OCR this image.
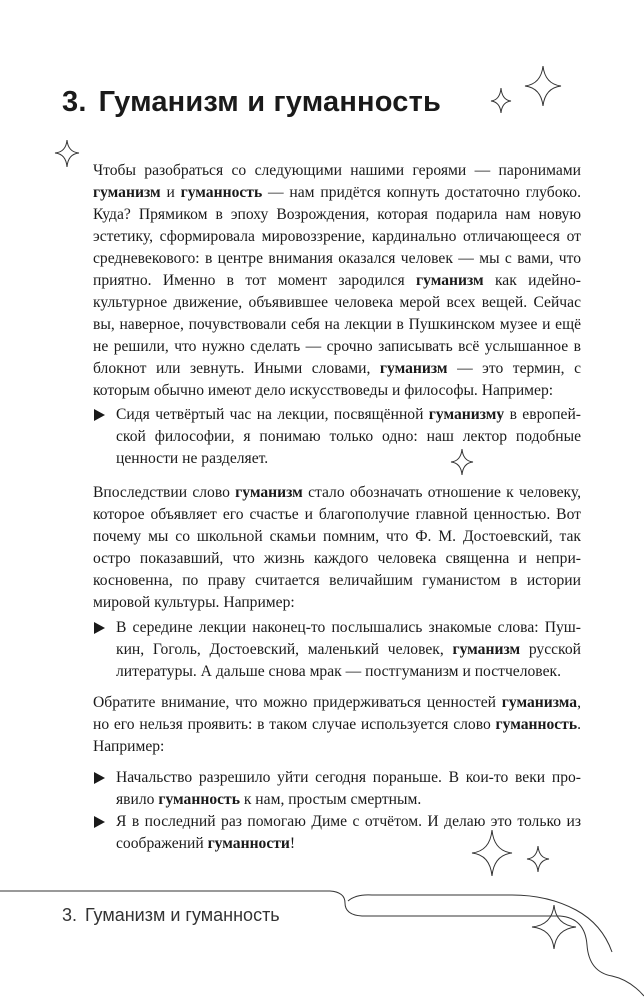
3. Гуманизм и гуманность

Чтобы разобраться со следующими нашими героями — паронимами гуманизм и гуманность — нам придётся копнуть достаточно глубоко. Куда? Прямиком в эпоху Возрождения, которая подарила нам новую эстетику, сформировала мировоззрение, кардинально отличающееся от средневекового: в центре внимания оказался человек — мы с вами, что приятно. Именно в тот момент зародился гуманизм как идейно-культурное движение, объявившее человека мерой всех вещей. Сейчас вы, наверное, почувствовали себя на лекции в Пушкинском музее и ещё не решили, что нужно сделать — срочно записывать всё услышанное в блокнот или зевнуть. Иными словами, гуманизм — это термин, с которым обычно имеют дело искусствоведы и философы. Например:

Сидя четвёртый час на лекции, посвящённой гуманизму в европейской философии, я понимаю только одно: наш лектор подобные ценности не разделяет.

Впоследствии слово гуманизм стало обозначать отношение к человеку, которое объявляет его счастье и благополучие главной ценностью. Вот почему мы со школьной скамьи помним, что Ф. М. Достоевский, так остро показавший, что жизнь каждого человека священна и неприкосновенна, по праву считается величайшим гуманистом в истории мировой культуры. Например:

В середине лекции наконец-то послышались знакомые слова: Пушкин, Гоголь, Достоевский, маленький человек, гуманизм русской литературы. А дальше снова мрак — постгуманизм и постчеловек.

Обратите внимание, что можно придерживаться ценностей гуманизма, но его нельзя проявить: в таком случае используется слово гуманность. Например:

Начальство разрешило уйти сегодня пораньше. В кои-то веки проявило гуманность к нам, простым смертным.

Я в последний раз помогаю Диме с отчётом. И делаю это только из соображений гуманности!

3. Гуманизм и гуманность
